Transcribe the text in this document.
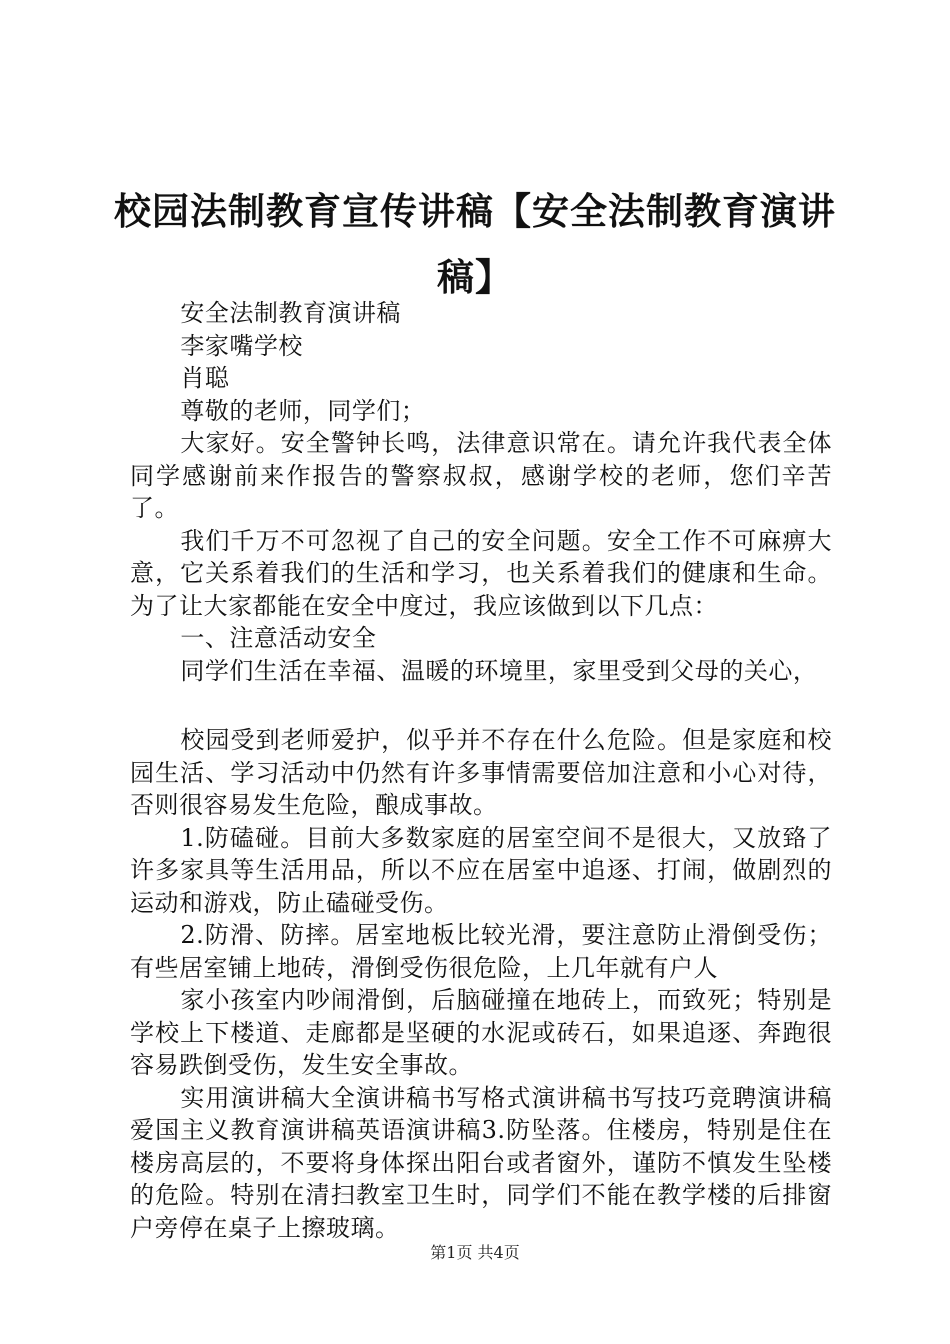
校园法制教育宣传讲稿【安全法制教育演讲稿】

安全法制教育演讲稿

李家嘴学校

肖聪

尊敬的老师，同学们；

大家好。安全警钟长鸣，法律意识常在。请允许我代表全体同学感谢前来作报告的警察叔叔，感谢学校的老师，您们辛苦了。

我们千万不可忽视了自己的安全问题。安全工作不可麻痹大意，它关系着我们的生活和学习，也关系着我们的健康和生命。为了让大家都能在安全中度过，我应该做到以下几点：

一、注意活动安全

同学们生活在幸福、温暖的环境里，家里受到父母的关心，

校园受到老师爱护，似乎并不存在什么危险。但是家庭和校园生活、学习活动中仍然有许多事情需要倍加注意和小心对待，否则很容易发生危险，酿成事故。

1.防磕碰。目前大多数家庭的居室空间不是很大，又放臵了许多家具等生活用品，所以不应在居室中追逐、打闹，做剧烈的运动和游戏，防止磕碰受伤。

2.防滑、防摔。居室地板比较光滑，要注意防止滑倒受伤；有些居室铺上地砖，滑倒受伤很危险，上几年就有户人

家小孩室内吵闹滑倒，后脑碰撞在地砖上，而致死；特别是学校上下楼道、走廊都是坚硬的水泥或砖石，如果追逐、奔跑很容易跌倒受伤，发生安全事故。

实用演讲稿大全演讲稿书写格式演讲稿书写技巧竞聘演讲稿爱国主义教育演讲稿英语演讲稿3.防坠落。住楼房，特别是住在楼房高层的，不要将身体探出阳台或者窗外，谨防不慎发生坠楼的危险。特别在清扫教室卫生时，同学们不能在教学楼的后排窗户旁停在桌子上擦玻璃。

第1页 共4页
